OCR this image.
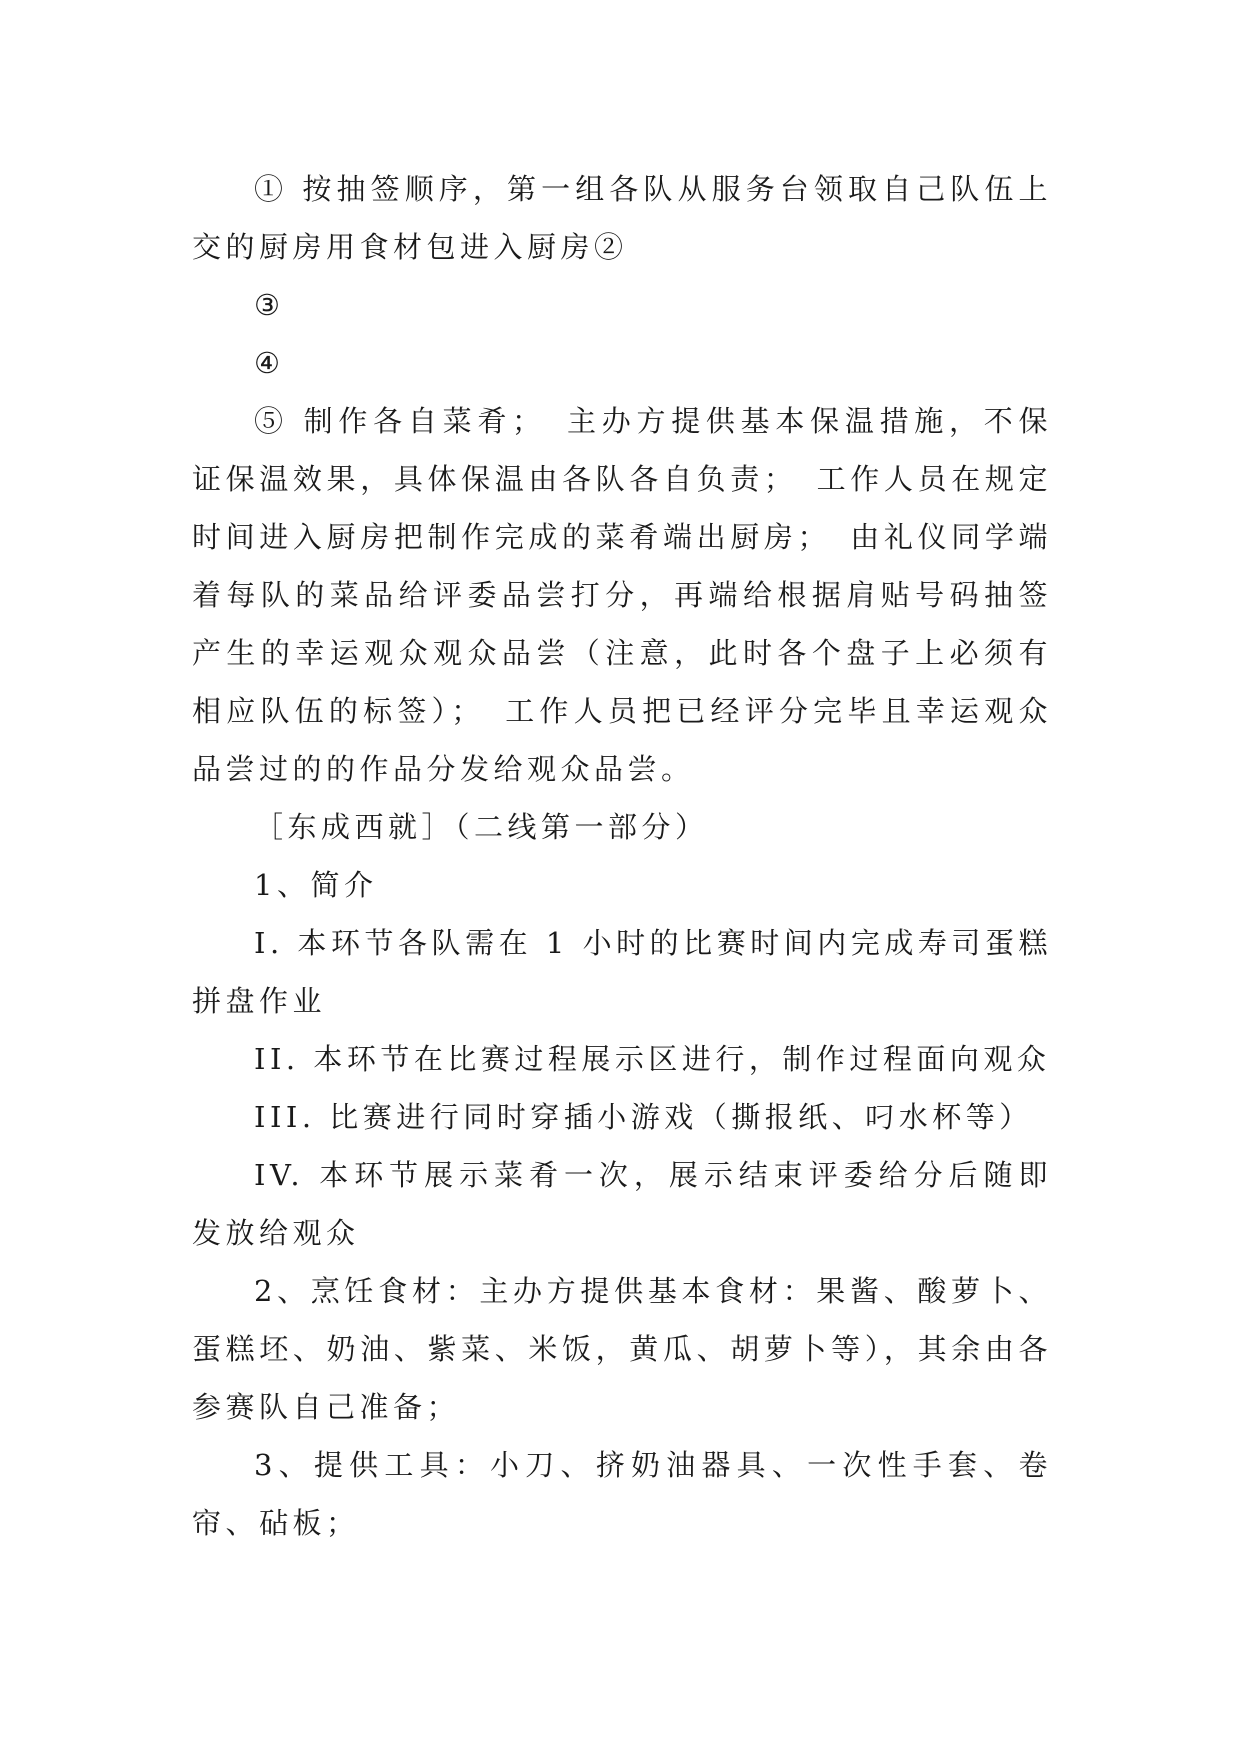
① 按抽签顺序，第一组各队从服务台领取自己队伍上交的厨房用食材包进入厨房②

③

④

⑤ 制作各自菜肴；　主办方提供基本保温措施，不保证保温效果，具体保温由各队各自负责；　工作人员在规定时间进入厨房把制作完成的菜肴端出厨房；　由礼仪同学端着每队的菜品给评委品尝打分，再端给根据肩贴号码抽签产生的幸运观众观众品尝（注意，此时各个盘子上必须有相应队伍的标签）；　工作人员把已经评分完毕且幸运观众品尝过的的作品分发给观众品尝。

［东成西就］（二线第一部分）

1、简介

I. 本环节各队需在 1 小时的比赛时间内完成寿司蛋糕拼盘作业

II. 本环节在比赛过程展示区进行，制作过程面向观众

III. 比赛进行同时穿插小游戏（撕报纸、叼水杯等）

IV. 本环节展示菜肴一次，展示结束评委给分后随即发放给观众

2、烹饪食材：主办方提供基本食材：果酱、酸萝卜、蛋糕坯、奶油、紫菜、米饭，黄瓜、胡萝卜等），其余由各参赛队自己准备；

3、提供工具：小刀、挤奶油器具、一次性手套、卷帘、砧板；
